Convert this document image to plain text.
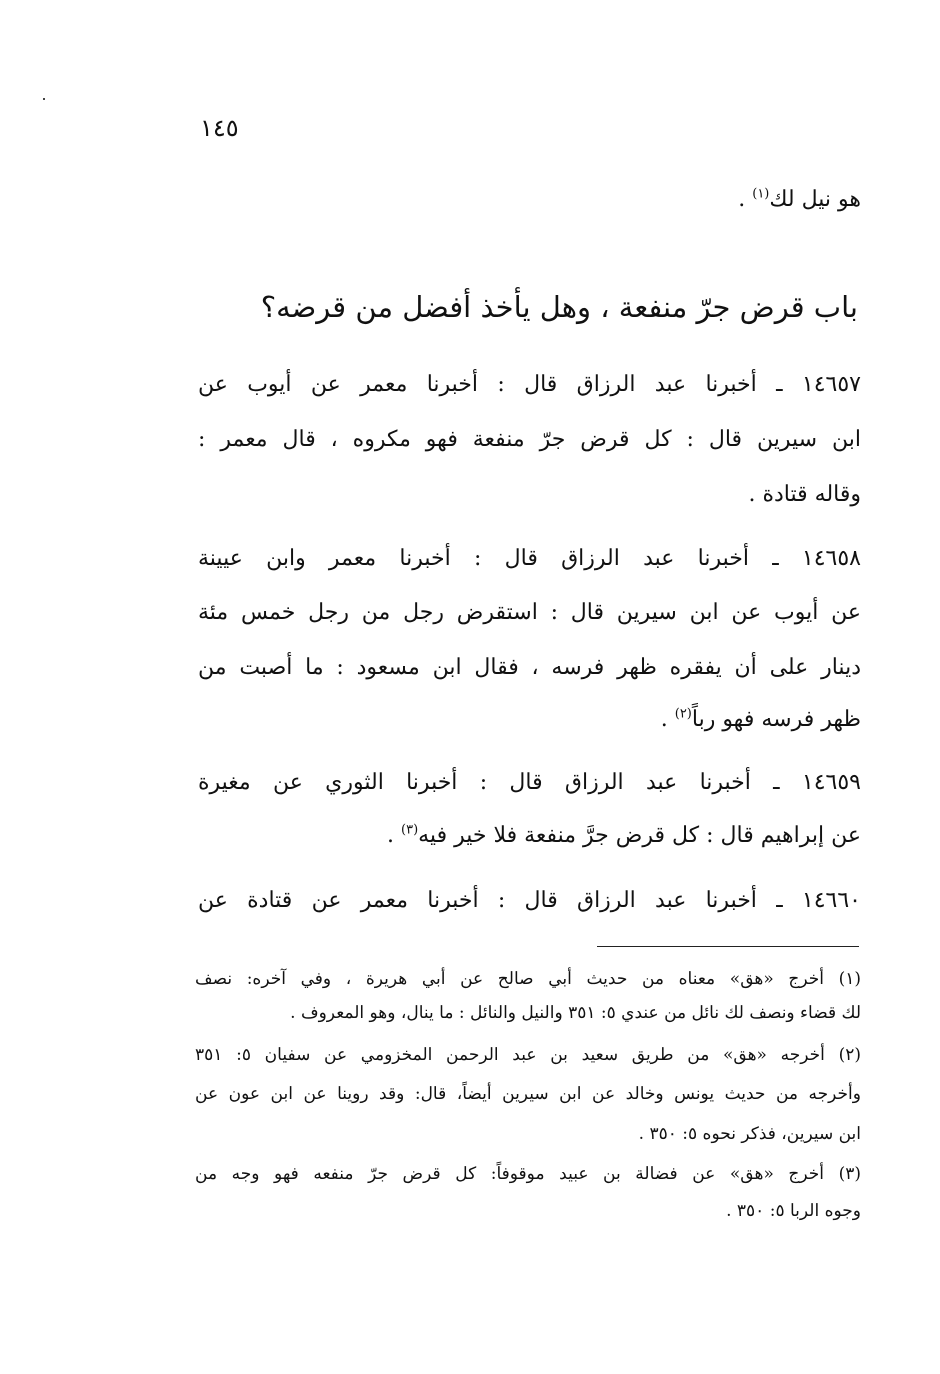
١٤٥
هو نيل لك$^{(١)}$ .
باب قرض جرّ منفعة ، وهل يأخذ أفضل من قرضه؟
١٤٦٥٧ ـ أخبرنا عبد الرزاق قال : أخبرنا معمر عن أيوب عن
ابن سيرين قال : كل قرض جرّ منفعة فهو مكروه ، قال معمر :
وقاله قتادة .
١٤٦٥٨ ـ أخبرنا عبد الرزاق قال : أخبرنا معمر وابن عيينة
عن أيوب عن ابن سيرين قال : استقرض رجل من رجل خمس مئة
دينار على أن يفقره ظهر فرسه ، فقال ابن مسعود : ما أصبت من
ظهر فرسه فهو رباً$^{(٢)}$ .
١٤٦٥٩ ـ أخبرنا عبد الرزاق قال : أخبرنا الثوري عن مغيرة
عن إبراهيم قال : كل قرض جرَّ منفعة فلا خير فيه$^{(٣)}$ .
١٤٦٦٠ ـ أخبرنا عبد الرزاق قال : أخبرنا معمر عن قتادة عن
(١) أخرج «هق» معناه من حديث أبي صالح عن أبي هريرة ، وفي آخره: نصف
لك قضاء ونصف لك نائل من عندي ٥: ٣٥١ والنيل والنائل : ما ينال، وهو المعروف .
(٢) أخرجه «هق» من طريق سعيد بن عبد الرحمن المخزومي عن سفيان ٥: ٣٥١
وأخرجه من حديث يونس وخالد عن ابن سيرين أيضاً، قال: وقد روينا عن ابن عون عن
ابن سيرين، فذكر نحوه ٥: ٣٥٠ .
(٣) أخرج «هق» عن فضالة بن عبيد موقوفاً: كل قرض جرّ منفعه فهو وجه من
وجوه الربا ٥: ٣٥٠ .
